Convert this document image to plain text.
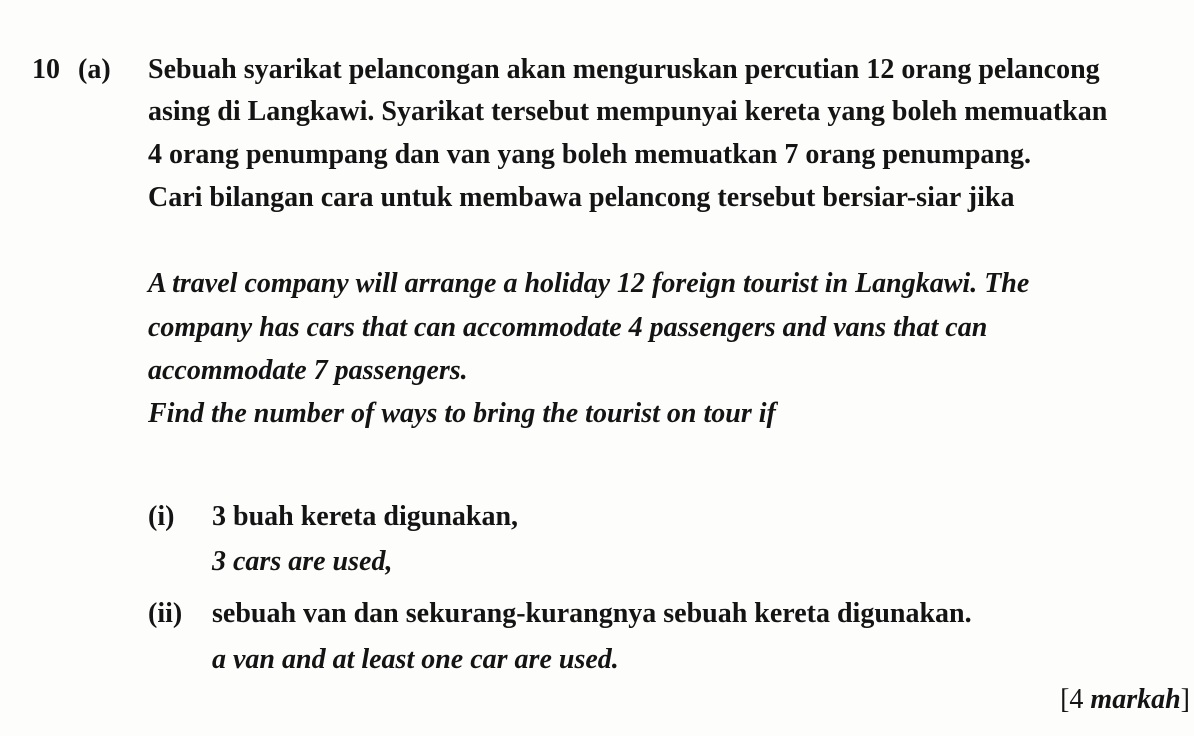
10 (a) Sebuah syarikat pelancongan akan menguruskan percutian 12 orang pelancong
asing di Langkawi. Syarikat tersebut mempunyai kereta yang boleh memuatkan
4 orang penumpang dan van yang boleh memuatkan 7 orang penumpang.
Cari bilangan cara untuk membawa pelancong tersebut bersiar-siar jika
A travel company will arrange a holiday 12 foreign tourist in Langkawi. The
company has cars that can accommodate 4 passengers and vans that can
accommodate 7 passengers.
Find the number of ways to bring the tourist on tour if
(i) 3 buah kereta digunakan,
3 cars are used,
(ii) sebuah van dan sekurang-kurangnya sebuah kereta digunakan.
a van and at least one car are used.
[4 markah]
